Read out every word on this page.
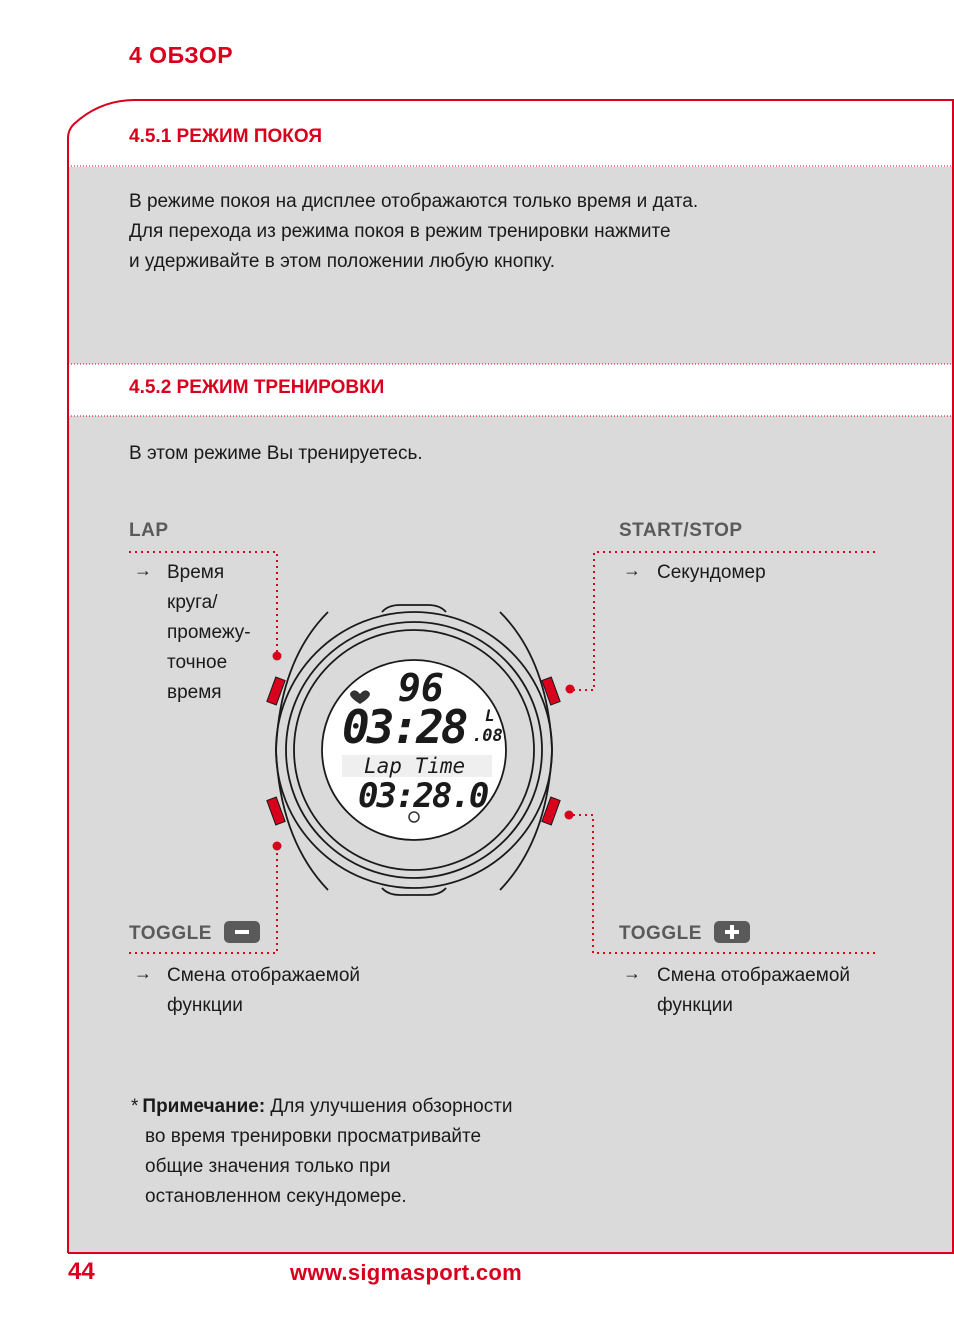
4 ОБЗОР
96
03:28 .08
L
Lap Time
03:28.0
4.5.1 РЕЖИМ ПОКОЯ
В режиме покоя на дисплее отображаются только время и дата.
Для перехода из режима покоя в режим тренировки нажмите
и удерживайте в этом положении любую кнопку.
4.5.2 РЕЖИМ ТРЕНИРОВКИ
В этом режиме Вы тренируетесь.
LAP
→ Время
круга/
промежу-
точное
время
START/STOP
→ Секундомер
TOGGLE
→ Смена отображаемой
функции
TOGGLE
→ Смена отображаемой
функции
* Примечание: Для улучшения обзорности
во время тренировки просматривайте
общие значения только при
остановленном секундомере.
44	www.sigmasport.com
